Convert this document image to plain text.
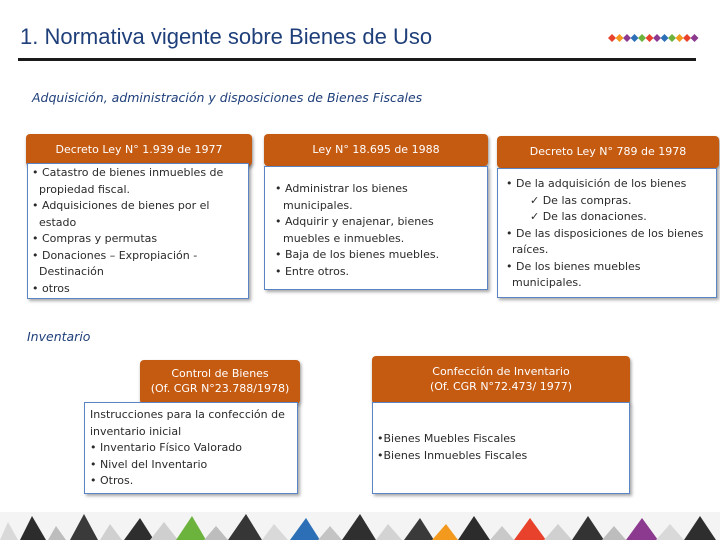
1. Normativa vigente sobre Bienes de Uso
Adquisición, administración y disposiciones de Bienes Fiscales
Decreto Ley N° 1.939 de 1977	Ley N° 18.695 de 1988	Decreto Ley N° 789 de 1978
• Catastro de bienes inmuebles de
propiedad fiscal.
• Adquisiciones de bienes por el
estado
• Compras y permutas
• Donaciones – Expropiación -
Destinación
• otros
• Administrar los bienes
municipales.
• Adquirir y enajenar, bienes
muebles e inmuebles.
• Baja de los bienes muebles.
• Entre otros.
• De la adquisición de los bienes
✓ De las compras.
✓ De las donaciones.
• De las disposiciones de los bienes
raíces.
• De los bienes muebles
municipales.
Inventario
Control de Bienes
(Of. CGR N°23.788/1978)
Confección de Inventario
(Of. CGR N°72.473/ 1977)
Instrucciones para la confección de
inventario inicial
• Inventario Físico Valorado
• Nivel del Inventario
• Otros.
•Bienes Muebles Fiscales
•Bienes Inmuebles Fiscales
